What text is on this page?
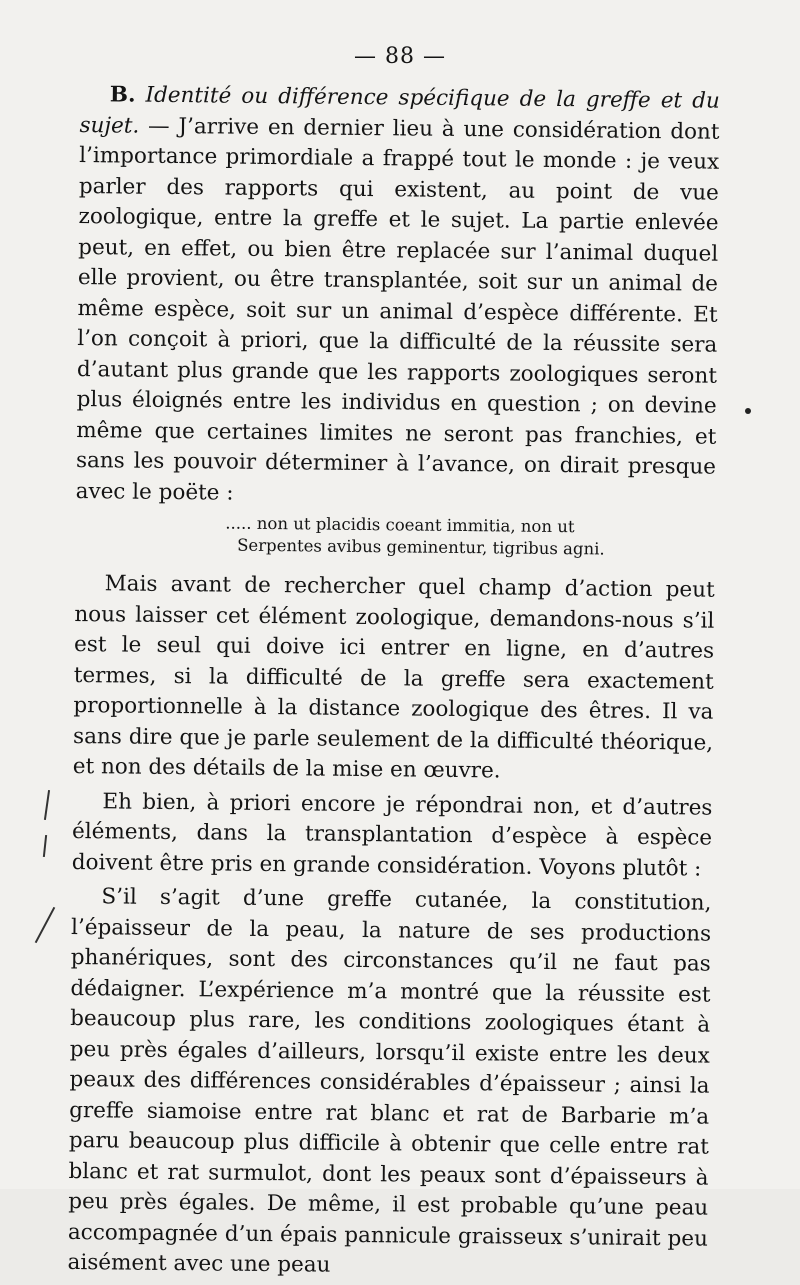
— 88 —

B. Identité ou différence spécifique de la greffe et du sujet. — J’arrive en dernier lieu à une considération dont l’importance primordiale a frappé tout le monde : je veux parler des rapports qui existent, au point de vue zoologique, entre la greffe et le sujet. La partie enlevée peut, en effet, ou bien être replacée sur l’animal duquel elle provient, ou être transplantée, soit sur un animal de même espèce, soit sur un animal d’espèce différente. Et l’on conçoit à priori, que la difficulté de la réussite sera d’autant plus grande que les rapports zoologiques seront plus éloignés entre les individus en question ; on devine même que certaines limites ne seront pas franchies, et sans les pouvoir déterminer à l’avance, on dirait presque avec le poëte :

..... non ut placidis coeant immitia, non ut
Serpentes avibus geminentur, tigribus agni.

Mais avant de rechercher quel champ d’action peut nous laisser cet élément zoologique, demandons-nous s’il est le seul qui doive ici entrer en ligne, en d’autres termes, si la difficulté de la greffe sera exactement proportionnelle à la distance zoologique des êtres. Il va sans dire que je parle seulement de la difficulté théorique, et non des détails de la mise en œuvre.

Eh bien, à priori encore je répondrai non, et d’autres éléments, dans la transplantation d’espèce à espèce doivent être pris en grande considération. Voyons plutôt :

S’il s’agit d’une greffe cutanée, la constitution, l’épaisseur de la peau, la nature de ses productions phanériques, sont des circonstances qu’il ne faut pas dédaigner. L’expérience m’a montré que la réussite est beaucoup plus rare, les conditions zoologiques étant à peu près égales d’ailleurs, lorsqu’il existe entre les deux peaux des différences considérables d’épaisseur ; ainsi la greffe siamoise entre rat blanc et rat de Barbarie m’a paru beaucoup plus difficile à obtenir que celle entre rat blanc et rat surmulot, dont les peaux sont d’épaisseurs à peu près égales. De même, il est probable qu’une peau accompagnée d’un épais pannicule graisseux s’unirait peu aisément avec une peau
